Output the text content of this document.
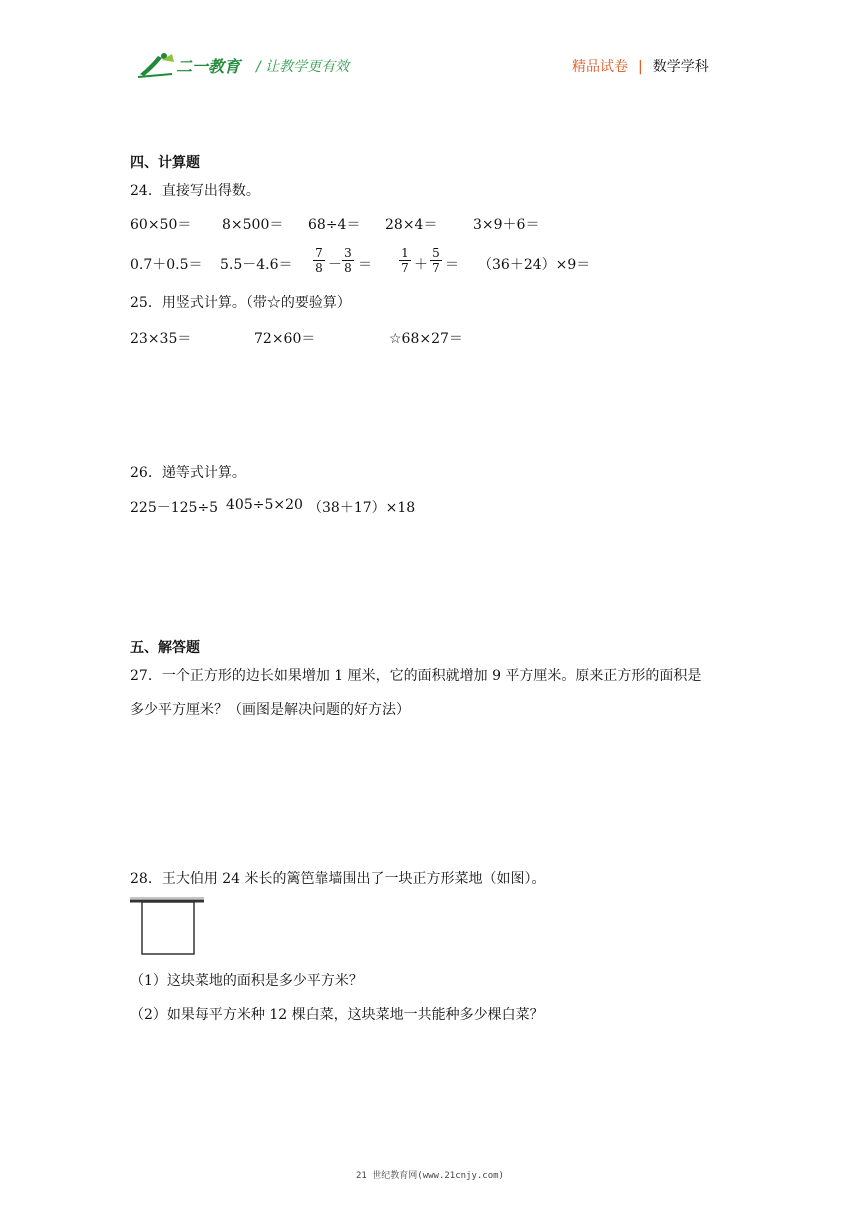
二一教育 / 让教学更有效	精品试卷 | 数学学科
四、计算题
24．直接写出得数。
60×50＝ 8×500＝ 68÷4＝ 28×4＝	3×9＋6＝
0.7＋0.5＝ 5.5－4.6＝
7
8 －
3
8 ＝
1
7 ＋
5
7 ＝ （36＋24）×9＝
25．用竖式计算。（带☆的要验算）
23×35＝	72×60＝	☆68×27＝
26．递等式计算。
225－125÷5 405÷5×20 （38＋17）×18
五、解答题
27．一个正方形的边长如果增加 1 厘米，它的面积就增加 9 平方厘米。原来正方形的面积是
多少平方厘米？（画图是解决问题的好方法）
28．王大伯用 24 米长的篱笆靠墙围出了一块正方形菜地（如图）。
（1）这块菜地的面积是多少平方米？
（2）如果每平方米种 12 棵白菜，这块菜地一共能种多少棵白菜？
21 世纪教育网(www.21cnjy.com)
